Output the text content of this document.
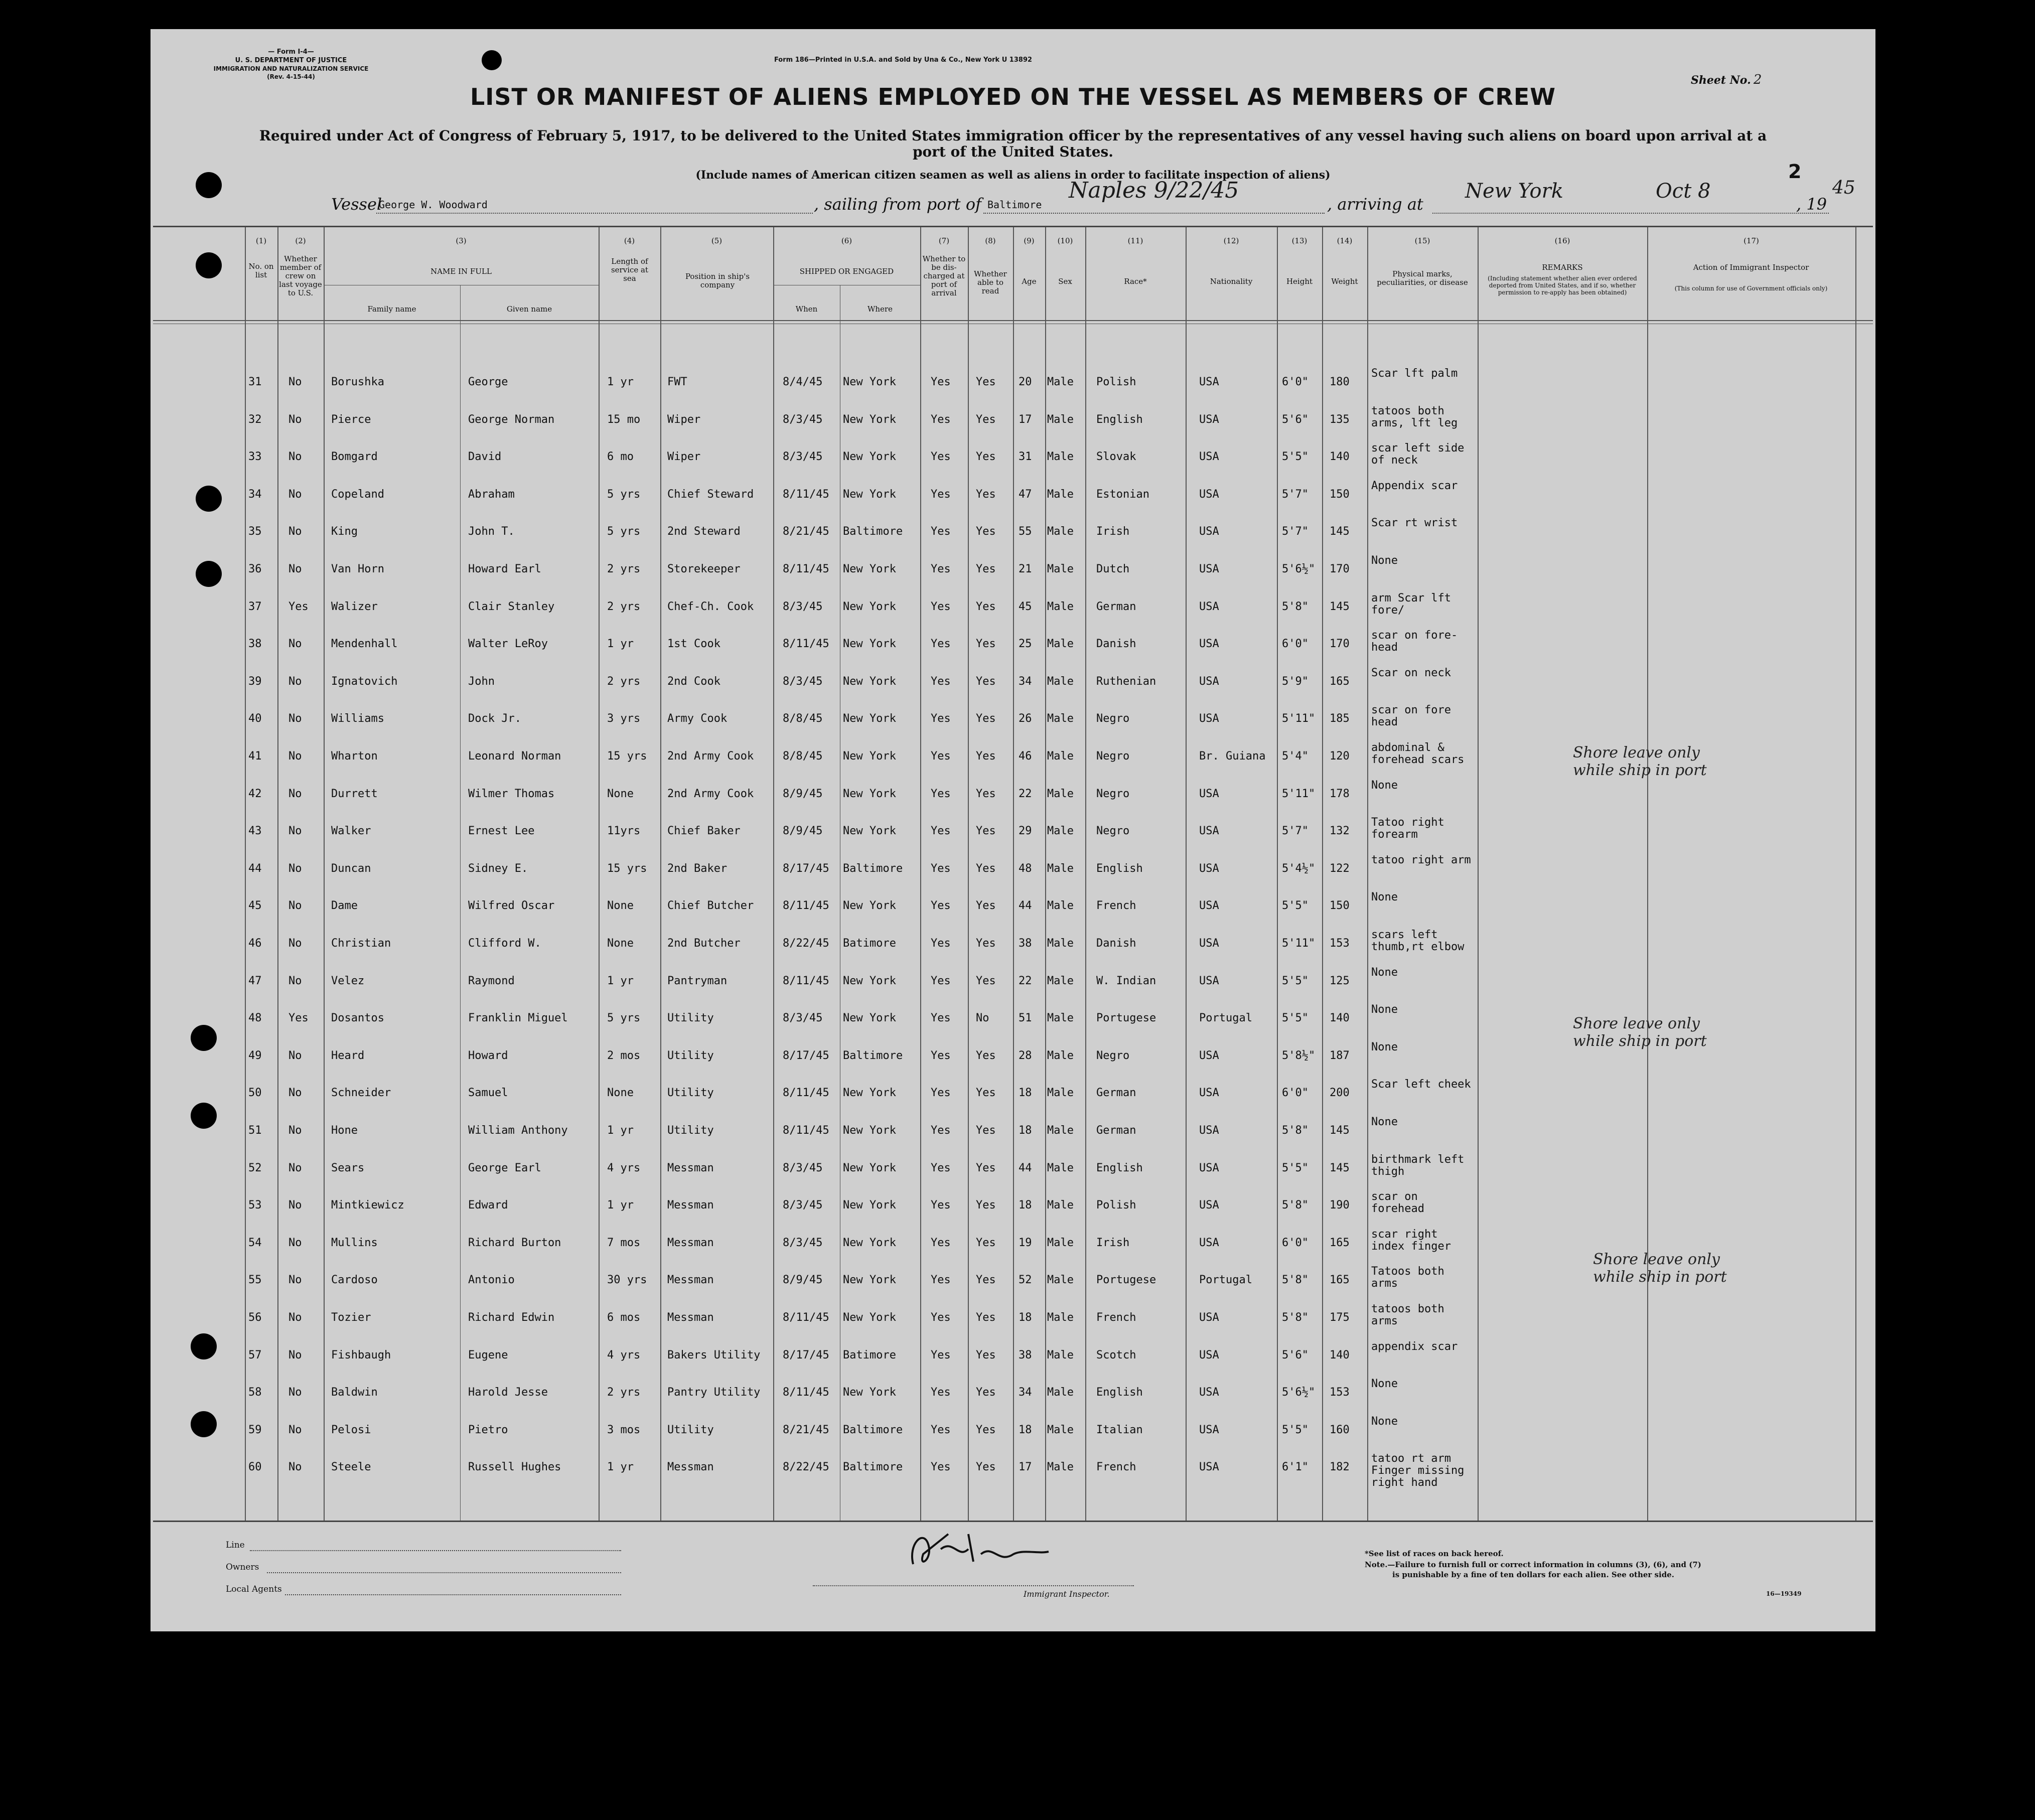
— Form I-4—
U. S. DEPARTMENT OF JUSTICE
IMMIGRATION AND NATURALIZATION SERVICE
(Rev. 4-15-44)
Form 186—Printed in U.S.A. and Sold by Una & Co., New York U 13892
Sheet No. 2
LIST OR MANIFEST OF ALIENS EMPLOYED ON THE VESSEL AS MEMBERS OF CREW
Required under Act of Congress of February 5, 1917, to be delivered to the United States immigration officer by the representatives of any vessel having such aliens on board upon arrival at a
port of the United States.
(Include names of American citizen seamen as well as aliens in order to facilitate inspection of aliens)	2
Vessel
George W. Woodward	, sailing from port of Baltimore
Naples 9/22/45
, arriving at
New York	Oct 8
, 19
45
(1)	(2)	(3)	(4)	(5)	(6)	(7)	(8)	(9)	(10)	(11)	(12)	(13)	(14)	(15)	(16)	(17)
No. on list
Whether member of crew on last voyage to U.S.
NAME IN FULL
Family name	Given name
Length of service at sea	Position in ship's company
SHIPPED OR ENGAGED
When	Where
Whether to be dis-charged at port of arrival
Whether able to read
Age	Sex	Race*	Nationality	Height	Weight
Physical marks, peculiarities, or disease
REMARKS
(Including statement whether alien ever ordered deported from United States, and if so, whether permission to re-apply has been obtained)
Action of Immigrant Inspector
(This column for use of Government officials only)
31 No	Borushka	George	1 yr	FWT	8/4/45 New York	Yes Yes 20 Male Polish	USA	6'0" 180
Scar lft palm
32 No	Pierce	George Norman	15 mo Wiper	8/3/45 New York	Yes Yes 17 Male English	USA	5'6" 135
tatoos both arms, lft leg
33 No	Bomgard	David	6 mo	Wiper	8/3/45 New York	Yes Yes 31 Male Slovak	USA	5'5" 140
scar left side of neck
34 No	Copeland	Abraham	5 yrs Chief Steward	8/11/45 New York	Yes Yes 47 Male Estonian	USA	5'7" 150
Appendix scar
35 No	King	John T.	5 yrs 2nd Steward	8/21/45 Baltimore	Yes Yes 55 Male Irish	USA	5'7" 145
Scar rt wrist
36 No	Van Horn	Howard Earl	2 yrs Storekeeper	8/11/45 New York	Yes Yes 21 Male Dutch	USA	5'6½" 170
None
37 Yes Walizer	Clair Stanley	2 yrs Chef-Ch. Cook	8/3/45 New York	Yes Yes 45 Male German	USA	5'8" 145
arm Scar lft fore/
38 No	Mendenhall	Walter LeRoy	1 yr	1st Cook	8/11/45 New York	Yes Yes 25 Male Danish	USA	6'0" 170
scar on fore-head
39 No	Ignatovich	John	2 yrs 2nd Cook	8/3/45 New York	Yes Yes 34 Male Ruthenian	USA	5'9" 165
Scar on neck
40 No	Williams	Dock Jr.	3 yrs Army Cook	8/8/45 New York	Yes Yes 26 Male Negro	USA	5'11" 185
scar on fore head
41 No	Wharton	Leonard Norman	15 yrs 2nd Army Cook	8/8/45 New York	Yes Yes 46 Male Negro	Br. Guiana 5'4" 120
abdominal & forehead scars
42 No	Durrett	Wilmer Thomas	None	2nd Army Cook	8/9/45 New York	Yes Yes 22 Male Negro	USA	5'11" 178
None
43 No	Walker	Ernest Lee	11yrs Chief Baker	8/9/45 New York	Yes Yes 29 Male Negro	USA	5'7" 132
Tatoo right forearm
44 No	Duncan	Sidney E.	15 yrs 2nd Baker	8/17/45 Baltimore	Yes Yes 48 Male English	USA	5'4½" 122
tatoo right arm
45 No	Dame	Wilfred Oscar	None	Chief Butcher	8/11/45 New York	Yes Yes 44 Male French	USA	5'5" 150
None
46 No	Christian	Clifford W.	None	2nd Butcher	8/22/45 Batimore	Yes Yes 38 Male Danish	USA	5'11" 153
scars left thumb,rt elbow
47 No	Velez	Raymond	1 yr	Pantryman	8/11/45 New York	Yes Yes 22 Male W. Indian	USA	5'5" 125
None
48 Yes Dosantos	Franklin Miguel	5 yrs Utility	8/3/45 New York	Yes No	51 Male Portugese	Portugal	5'5" 140
None
49 No	Heard	Howard	2 mos Utility	8/17/45 Baltimore	Yes Yes 28 Male Negro	USA	5'8½" 187
None
50 No	Schneider	Samuel	None	Utility	8/11/45 New York	Yes Yes 18 Male German	USA	6'0" 200
Scar left cheek
51 No	Hone	William Anthony	1 yr	Utility	8/11/45 New York	Yes Yes 18 Male German	USA	5'8" 145
None
52 No	Sears	George Earl	4 yrs Messman	8/3/45 New York	Yes Yes 44 Male English	USA	5'5" 145
birthmark left thigh
53 No	Mintkiewicz	Edward	1 yr	Messman	8/3/45 New York	Yes Yes 18 Male Polish	USA	5'8" 190
scar on forehead
54 No	Mullins	Richard Burton	7 mos Messman	8/3/45 New York	Yes Yes 19 Male Irish	USA	6'0" 165
scar right index finger
55 No	Cardoso	Antonio	30 yrs Messman	8/9/45 New York	Yes Yes 52 Male Portugese	Portugal	5'8" 165
Tatoos both arms
56 No	Tozier	Richard Edwin	6 mos Messman	8/11/45 New York	Yes Yes 18 Male French	USA	5'8" 175
tatoos both arms
57 No	Fishbaugh	Eugene	4 yrs Bakers Utility 8/17/45 Batimore	Yes Yes 38 Male Scotch	USA	5'6" 140
appendix scar
58 No	Baldwin	Harold Jesse	2 yrs Pantry Utility 8/11/45 New York	Yes Yes 34 Male English	USA	5'6½" 153
None
59 No	Pelosi	Pietro	3 mos Utility	8/21/45 Baltimore	Yes Yes 18 Male Italian	USA	5'5" 160
None
60 No	Steele	Russell Hughes	1 yr	Messman	8/22/45 Baltimore	Yes Yes 17 Male French	USA	6'1" 182
tatoo rt arm Finger missing right hand
Shore leave only
while ship in port
Shore leave only
while ship in port
Shore leave only
while ship in port
Line
Owners
Local Agents	Immigrant Inspector.
*See list of races on back hereof.
Note.—Failure to furnish full or correct information in columns (3), (6), and (7)
is punishable by a fine of ten dollars for each alien. See other side.
16—19349
